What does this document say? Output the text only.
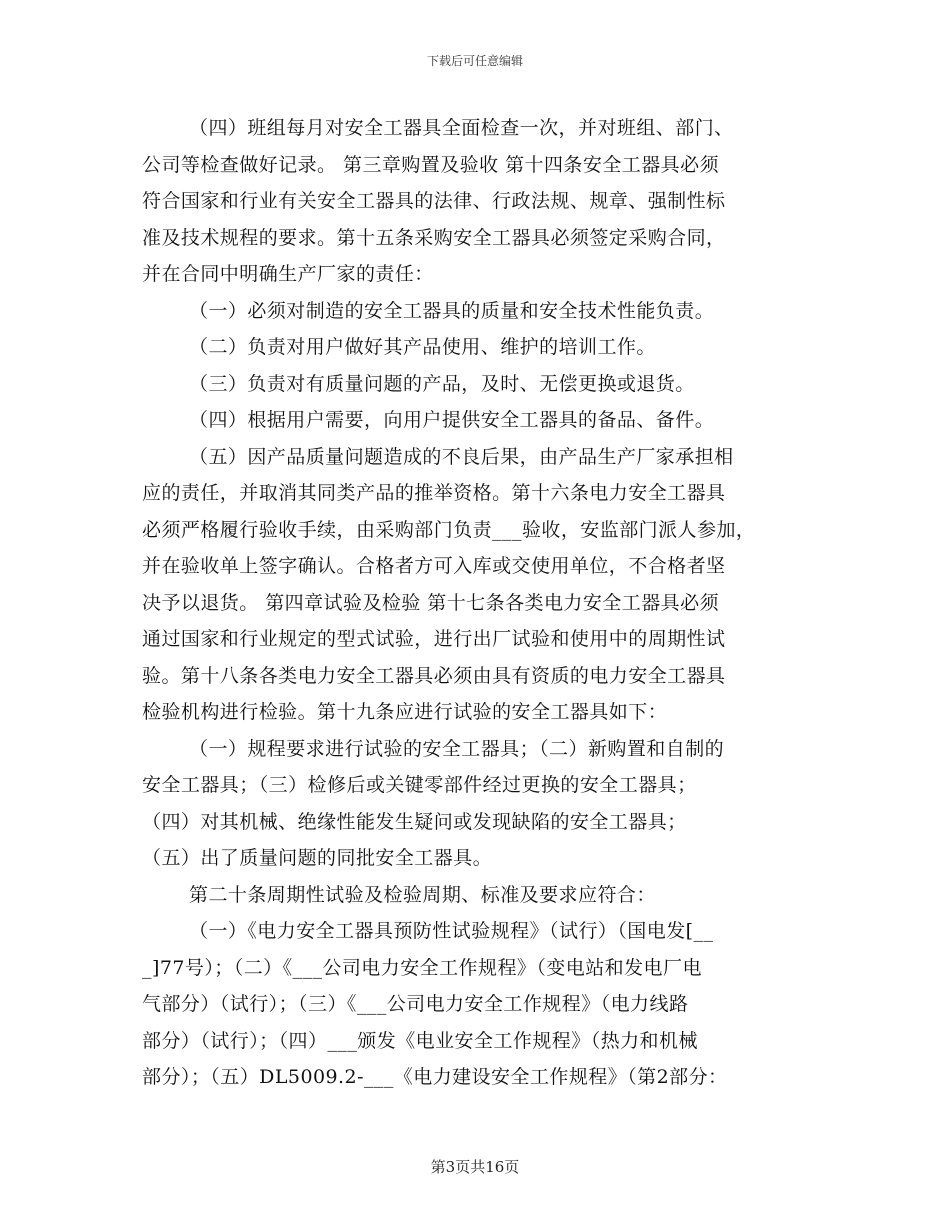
下载后可任意编辑
（四）班组每月对安全工器具全面检查一次，并对班组、部门、
公司等检查做好记录。 第三章购置及验收 第十四条安全工器具必须
符合国家和行业有关安全工器具的法律、行政法规、规章、强制性标
准及技术规程的要求。第十五条采购安全工器具必须签定采购合同，
并在合同中明确生产厂家的责任：
（一）必须对制造的安全工器具的质量和安全技术性能负责。
（二）负责对用户做好其产品使用、维护的培训工作。
（三）负责对有质量问题的产品，及时、无偿更换或退货。
（四）根据用户需要，向用户提供安全工器具的备品、备件。
（五）因产品质量问题造成的不良后果，由产品生产厂家承担相
应的责任，并取消其同类产品的推举资格。第十六条电力安全工器具
必须严格履行验收手续，由采购部门负责___验收，安监部门派人参加，
并在验收单上签字确认。合格者方可入库或交使用单位，不合格者坚
决予以退货。 第四章试验及检验 第十七条各类电力安全工器具必须
通过国家和行业规定的型式试验，进行出厂试验和使用中的周期性试
验。第十八条各类电力安全工器具必须由具有资质的电力安全工器具
检验机构进行检验。第十九条应进行试验的安全工器具如下：
（一）规程要求进行试验的安全工器具；（二）新购置和自制的
安全工器具；（三）检修后或关键零部件经过更换的安全工器具；
（四）对其机械、绝缘性能发生疑问或发现缺陷的安全工器具；
（五）出了质量问题的同批安全工器具。
第二十条周期性试验及检验周期、标准及要求应符合：
（一）《电力安全工器具预防性试验规程》（试行）（国电发[__
_]77号）；（二）《___公司电力安全工作规程》（变电站和发电厂电
气部分）（试行）；（三）《___公司电力安全工作规程》（电力线路
部分）（试行）；（四）___颁发《电业安全工作规程》（热力和机械
部分）；（五）DL5009.2-___《电力建设安全工作规程》（第2部分：
第3页共16页
